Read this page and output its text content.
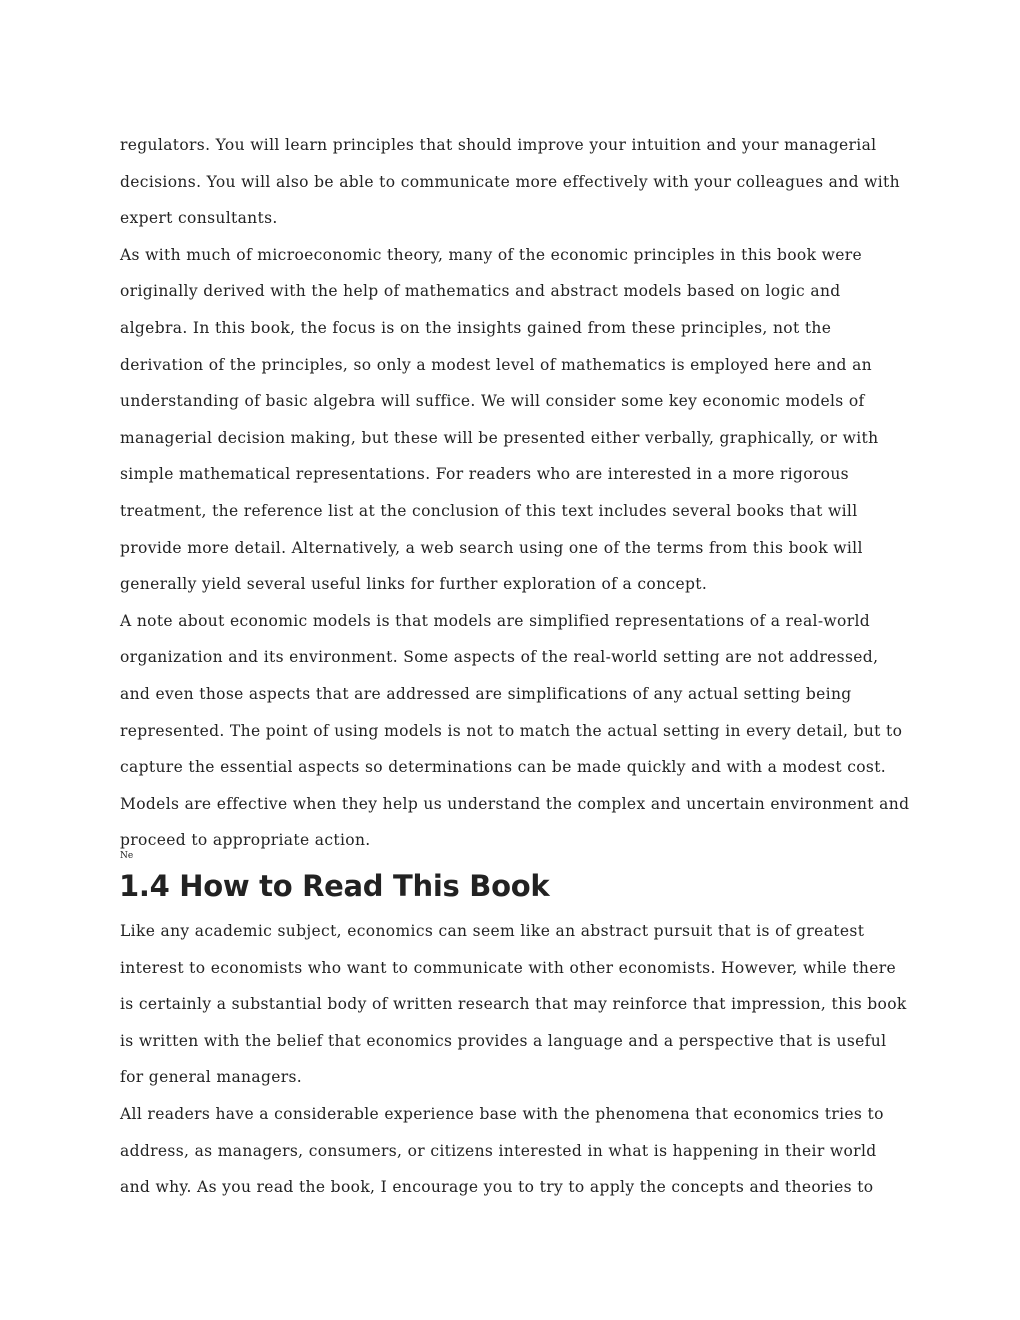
regulators. You will learn principles that should improve your intuition and your managerial decisions. You will also be able to communicate more effectively with your colleagues and with expert consultants.

As with much of microeconomic theory, many of the economic principles in this book were originally derived with the help of mathematics and abstract models based on logic and algebra. In this book, the focus is on the insights gained from these principles, not the derivation of the principles, so only a modest level of mathematics is employed here and an understanding of basic algebra will suffice. We will consider some key economic models of managerial decision making, but these will be presented either verbally, graphically, or with simple mathematical representations. For readers who are interested in a more rigorous treatment, the reference list at the conclusion of this text includes several books that will provide more detail. Alternatively, a web search using one of the terms from this book will generally yield several useful links for further exploration of a concept.

A note about economic models is that models are simplified representations of a real-world organization and its environment. Some aspects of the real-world setting are not addressed, and even those aspects that are addressed are simplifications of any actual setting being represented. The point of using models is not to match the actual setting in every detail, but to capture the essential aspects so determinations can be made quickly and with a modest cost. Models are effective when they help us understand the complex and uncertain environment and proceed to appropriate action.

Ne

1.4 How to Read This Book

Like any academic subject, economics can seem like an abstract pursuit that is of greatest interest to economists who want to communicate with other economists. However, while there is certainly a substantial body of written research that may reinforce that impression, this book is written with the belief that economics provides a language and a perspective that is useful for general managers.

All readers have a considerable experience base with the phenomena that economics tries to address, as managers, consumers, or citizens interested in what is happening in their world and why. As you read the book, I encourage you to try to apply the concepts and theories to
